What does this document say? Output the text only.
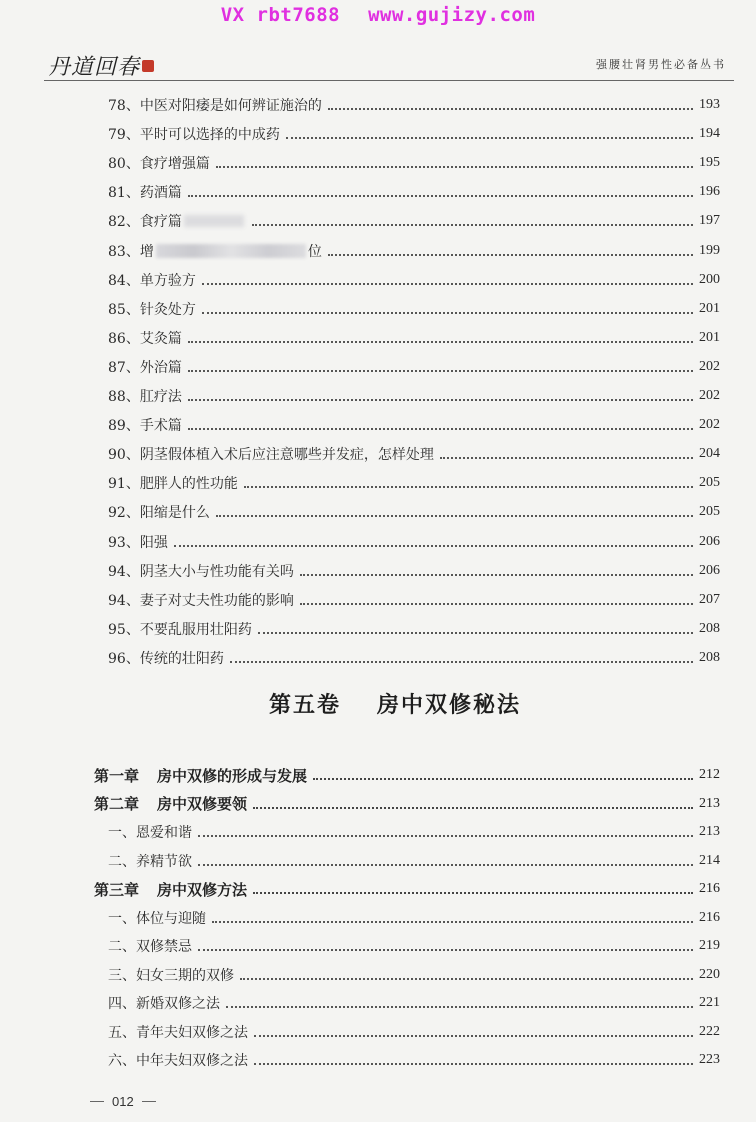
VX rbt7688 www.gujizy.com
丹道回春	强腰壮肾男性必备丛书
78、中医对阳痿是如何辨证施治的	193
79、平时可以选择的中成药	194
80、食疗增强篇	195
81、药酒篇	196
82、食疗篇	197
83、增	位	199
84、单方验方	200
85、针灸处方	201
86、艾灸篇	201
87、外治篇	202
88、肛疗法	202
89、手术篇	202
90、阴茎假体植入术后应注意哪些并发症，怎样处理	204
91、肥胖人的性功能	205
92、阳缩是什么	205
93、阳强	206
94、阴茎大小与性功能有关吗	206
94、妻子对丈夫性功能的影响	207
95、不要乱服用壮阳药	208
96、传统的壮阳药	208
第五卷 房中双修秘法
第一章 房中双修的形成与发展	212
第二章 房中双修要领	213
一、恩爱和谐	213
二、养精节欲	214
第三章 房中双修方法	216
一、体位与迎随	216
二、双修禁忌	219
三、妇女三期的双修	220
四、新婚双修之法	221
五、青年夫妇双修之法	222
六、中年夫妇双修之法	223
012
